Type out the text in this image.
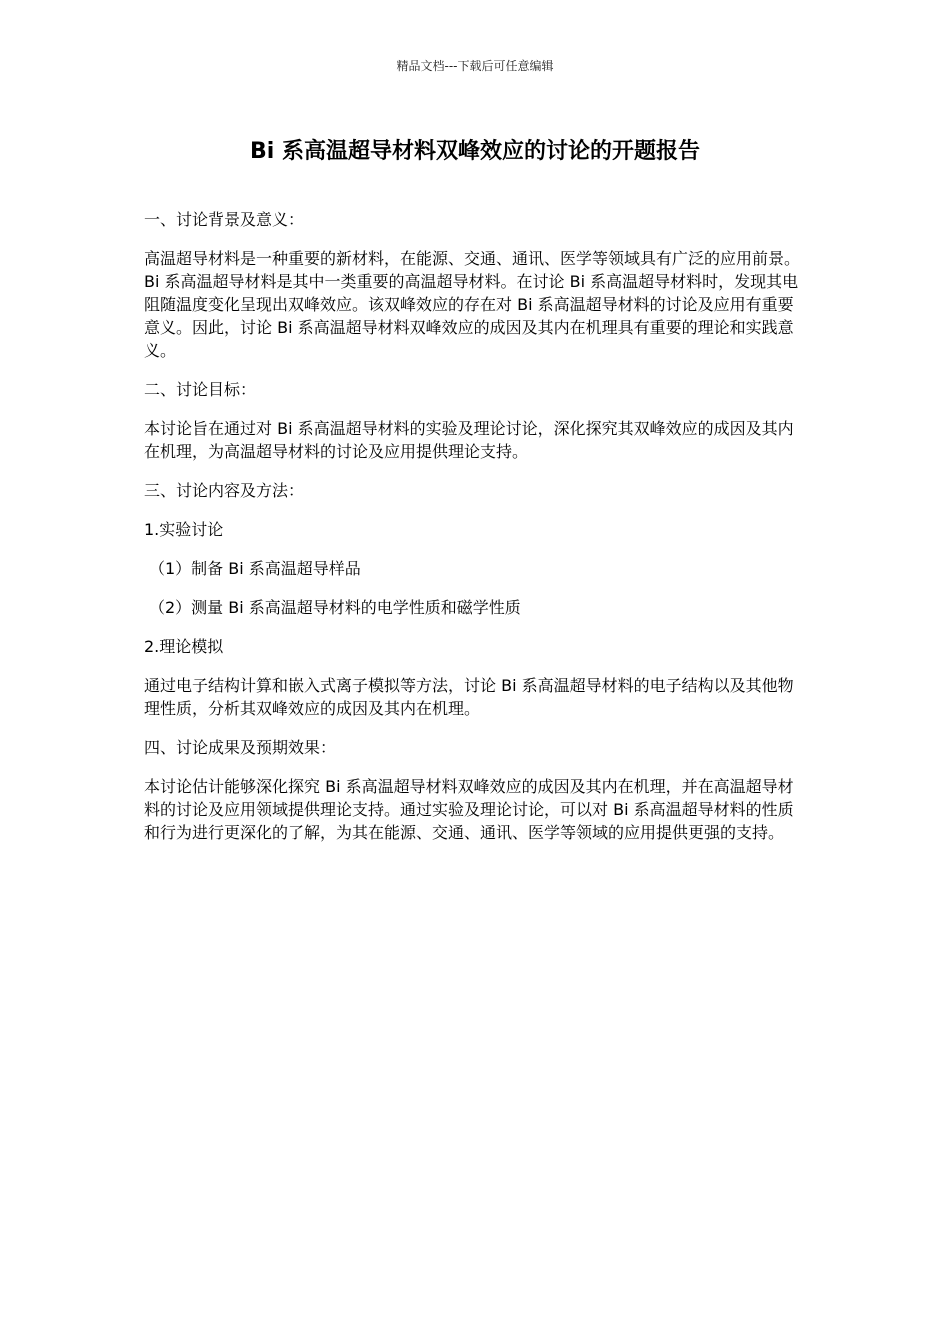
精品文档---下载后可任意编辑
Bi 系高温超导材料双峰效应的讨论的开题报告

一、讨论背景及意义：

高温超导材料是一种重要的新材料，在能源、交通、通讯、医学等领域具有广泛的应用前景。Bi 系高温超导材料是其中一类重要的高温超导材料。在讨论 Bi 系高温超导材料时，发现其电阻随温度变化呈现出双峰效应。该双峰效应的存在对 Bi 系高温超导材料的讨论及应用有重要意义。因此，讨论 Bi 系高温超导材料双峰效应的成因及其内在机理具有重要的理论和实践意义。

二、讨论目标：

本讨论旨在通过对 Bi 系高温超导材料的实验及理论讨论，深化探究其双峰效应的成因及其内在机理，为高温超导材料的讨论及应用提供理论支持。

三、讨论内容及方法：

1.实验讨论

（1）制备 Bi 系高温超导样品

（2）测量 Bi 系高温超导材料的电学性质和磁学性质

2.理论模拟

通过电子结构计算和嵌入式离子模拟等方法，讨论 Bi 系高温超导材料的电子结构以及其他物理性质，分析其双峰效应的成因及其内在机理。

四、讨论成果及预期效果：

本讨论估计能够深化探究 Bi 系高温超导材料双峰效应的成因及其内在机理，并在高温超导材料的讨论及应用领域提供理论支持。通过实验及理论讨论，可以对 Bi 系高温超导材料的性质和行为进行更深化的了解，为其在能源、交通、通讯、医学等领域的应用提供更强的支持。
